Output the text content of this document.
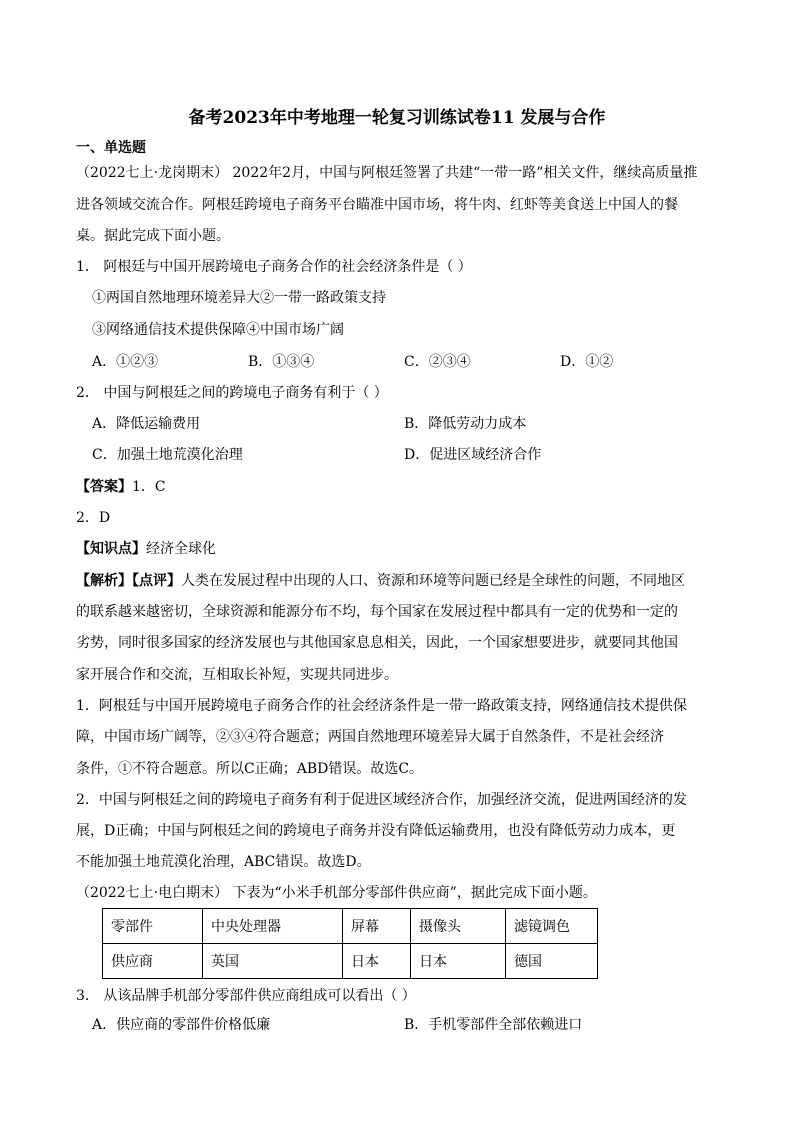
备考2023年中考地理一轮复习训练试卷11 发展与合作
一、单选题
（2022七上·龙岗期末） 2022年2月，中国与阿根廷签署了共建“一带一路”相关文件，继续高质量推
进各领域交流合作。阿根廷跨境电子商务平台瞄准中国市场，将牛肉、红虾等美食送上中国人的餐
桌。据此完成下面小题。
1． 阿根廷与中国开展跨境电子商务合作的社会经济条件是（ ）
①两国自然地理环境差异大②一带一路政策支持
③网络通信技术提供保障④中国市场广阔
A．①②③	B．①③④	C．②③④	D．①②
2． 中国与阿根廷之间的跨境电子商务有利于（ ）
A．降低运输费用	B．降低劳动力成本
C．加强土地荒漠化治理	D．促进区域经济合作
【答案】1．C
2．D
【知识点】经济全球化
【解析】【点评】人类在发展过程中出现的人口、资源和环境等问题已经是全球性的问题，不同地区
的联系越来越密切，全球资源和能源分布不均，每个国家在发展过程中都具有一定的优势和一定的
劣势，同时很多国家的经济发展也与其他国家息息相关，因此，一个国家想要进步，就要同其他国
家开展合作和交流，互相取长补短，实现共同进步。
1．阿根廷与中国开展跨境电子商务合作的社会经济条件是一带一路政策支持，网络通信技术提供保
障，中国市场广阔等，②③④符合题意；两国自然地理环境差异大属于自然条件，不是社会经济
条件，①不符合题意。所以C正确；ABD错误。故选C。
2．中国与阿根廷之间的跨境电子商务有利于促进区域经济合作，加强经济交流，促进两国经济的发
展，D正确；中国与阿根廷之间的跨境电子商务并没有降低运输费用，也没有降低劳动力成本，更
不能加强土地荒漠化治理，ABC错误。故选D。
（2022七上·电白期末） 下表为“小米手机部分零部件供应商”，据此完成下面小题。
零部件	中央处理器	屏幕	摄像头	滤镜调色
供应商	英国	日本	日本	德国
3． 从该品牌手机部分零部件供应商组成可以看出（ ）
A．供应商的零部件价格低廉	B．手机零部件全部依赖进口
